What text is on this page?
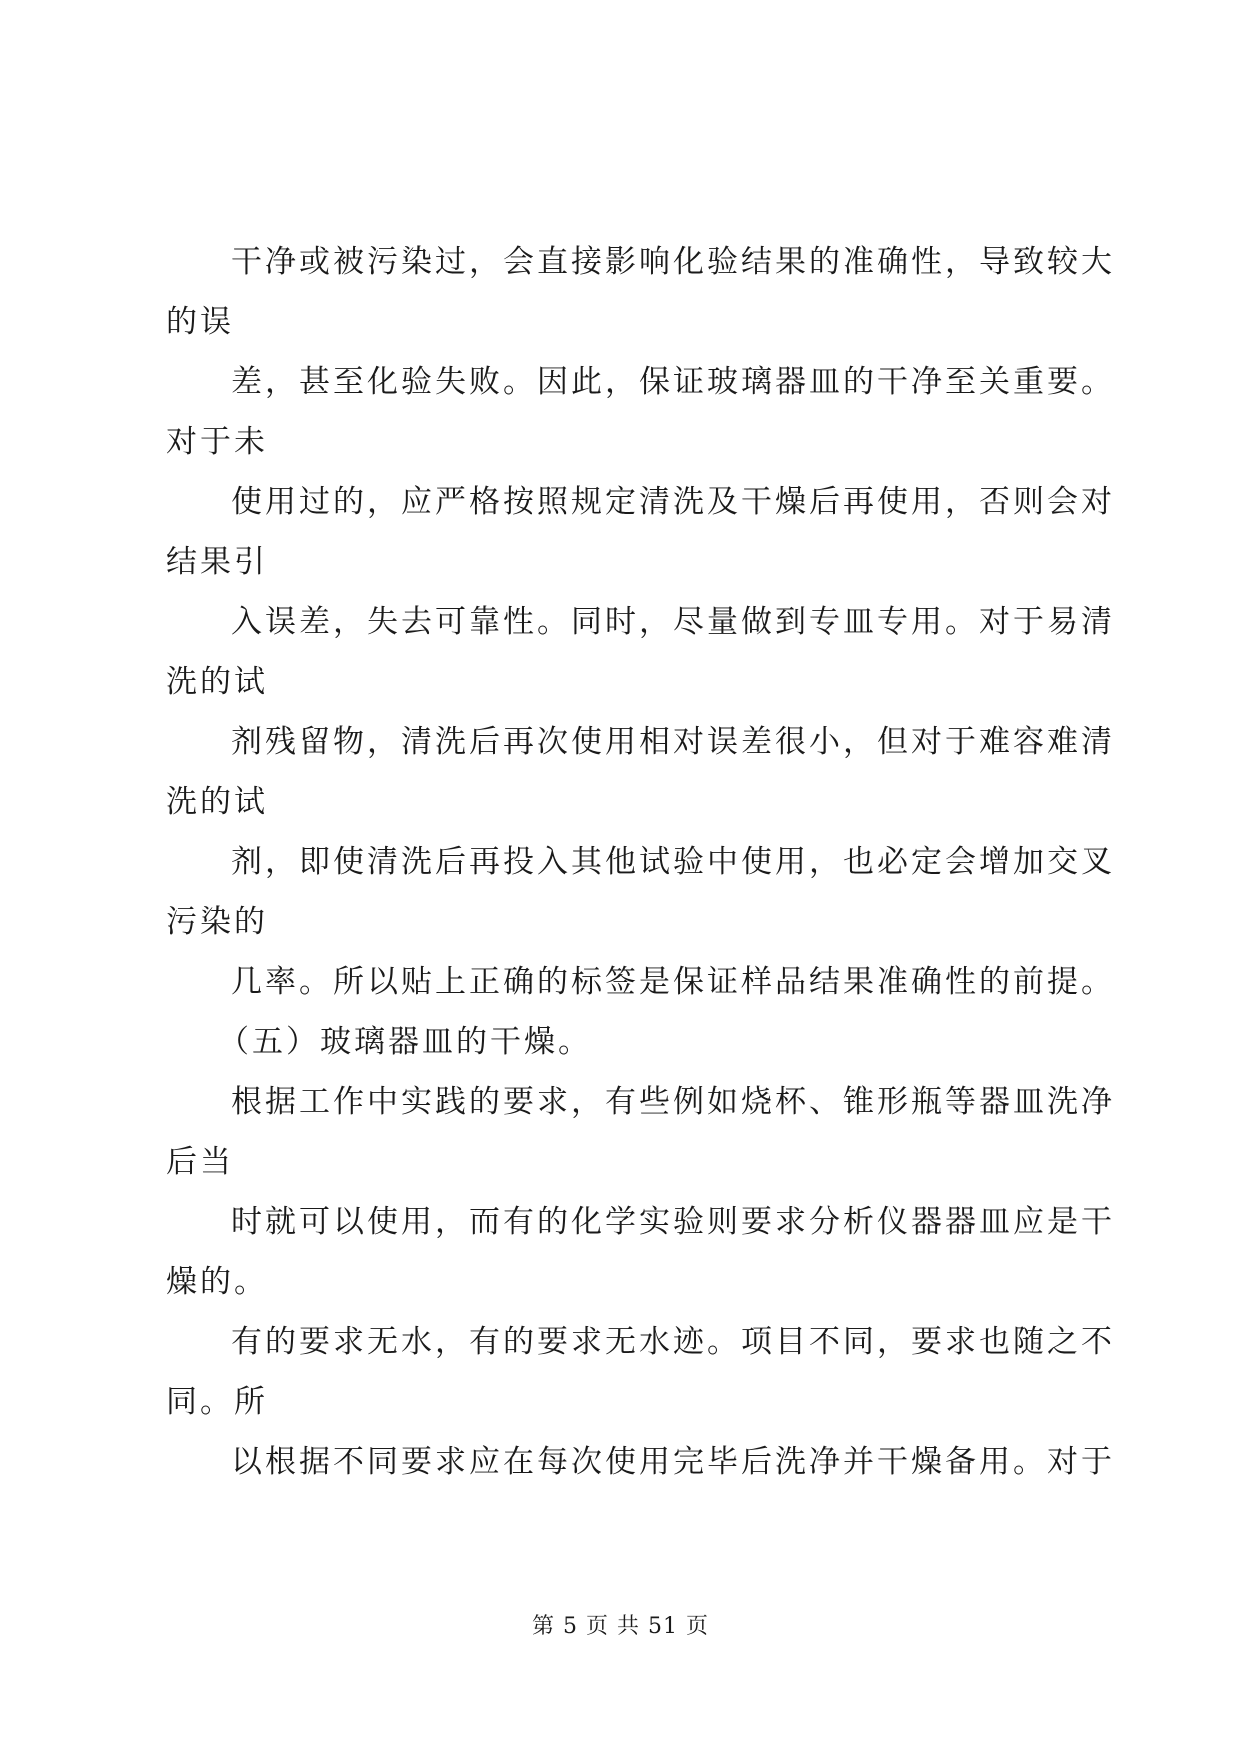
干净或被污染过，会直接影响化验结果的准确性，导致较大
的误
差，甚至化验失败。因此，保证玻璃器皿的干净至关重要。
对于未
使用过的，应严格按照规定清洗及干燥后再使用，否则会对
结果引
入误差，失去可靠性。同时，尽量做到专皿专用。对于易清
洗的试
剂残留物，清洗后再次使用相对误差很小，但对于难容难清
洗的试
剂，即使清洗后再投入其他试验中使用，也必定会增加交叉
污染的
几率。所以贴上正确的标签是保证样品结果准确性的前提。
（五）玻璃器皿的干燥。
根据工作中实践的要求，有些例如烧杯、锥形瓶等器皿洗净
后当
时就可以使用，而有的化学实验则要求分析仪器器皿应是干
燥的。
有的要求无水，有的要求无水迹。项目不同，要求也随之不
同。所
以根据不同要求应在每次使用完毕后洗净并干燥备用。对于
第 5 页 共 51 页
